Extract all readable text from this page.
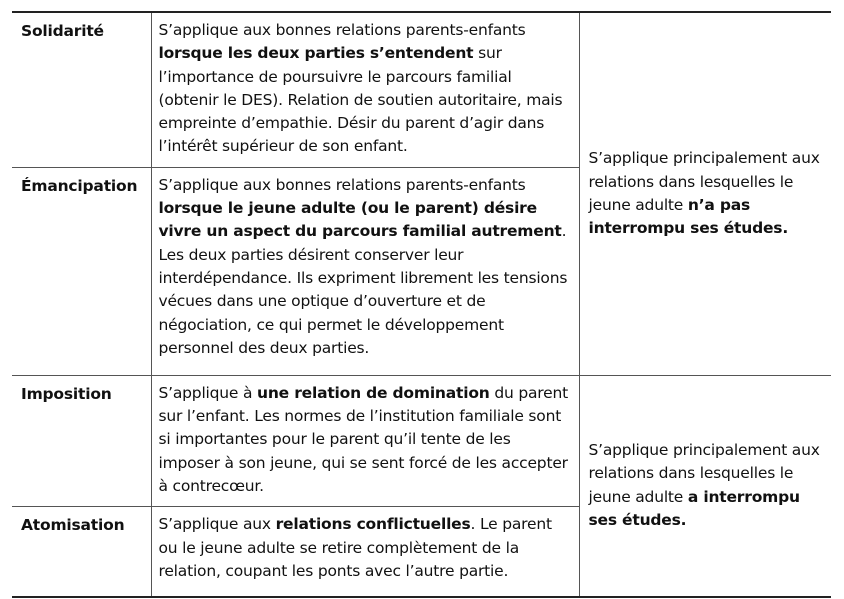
Solidarité	S’applique aux bonnes relations parents-enfants lorsque les deux parties s’entendent sur l’importance de poursuivre le parcours familial (obtenir le DES). Relation de soutien autoritaire, mais empreinte d’empathie. Désir du parent d’agir dans l’intérêt supérieur de son enfant.	S’applique principalement aux relations dans lesquelles le jeune adulte n’a pas interrompu ses études.
Émancipation	S’applique aux bonnes relations parents-enfants lorsque le jeune adulte (ou le parent) désire vivre un aspect du parcours familial autrement. Les deux parties désirent conserver leur interdépendance. Ils expriment librement les tensions vécues dans une optique d’ouverture et de négociation, ce qui permet le développement personnel des deux parties.	
Imposition	S’applique à une relation de domination du parent sur l’enfant. Les normes de l’institution familiale sont si importantes pour le parent qu’il tente de les imposer à son jeune, qui se sent forcé de les accepter à contrecœur.	S’applique principalement aux relations dans lesquelles le jeune adulte a interrompu ses études.
Atomisation	S’applique aux relations conflictuelles. Le parent ou le jeune adulte se retire complètement de la relation, coupant les ponts avec l’autre partie.	
